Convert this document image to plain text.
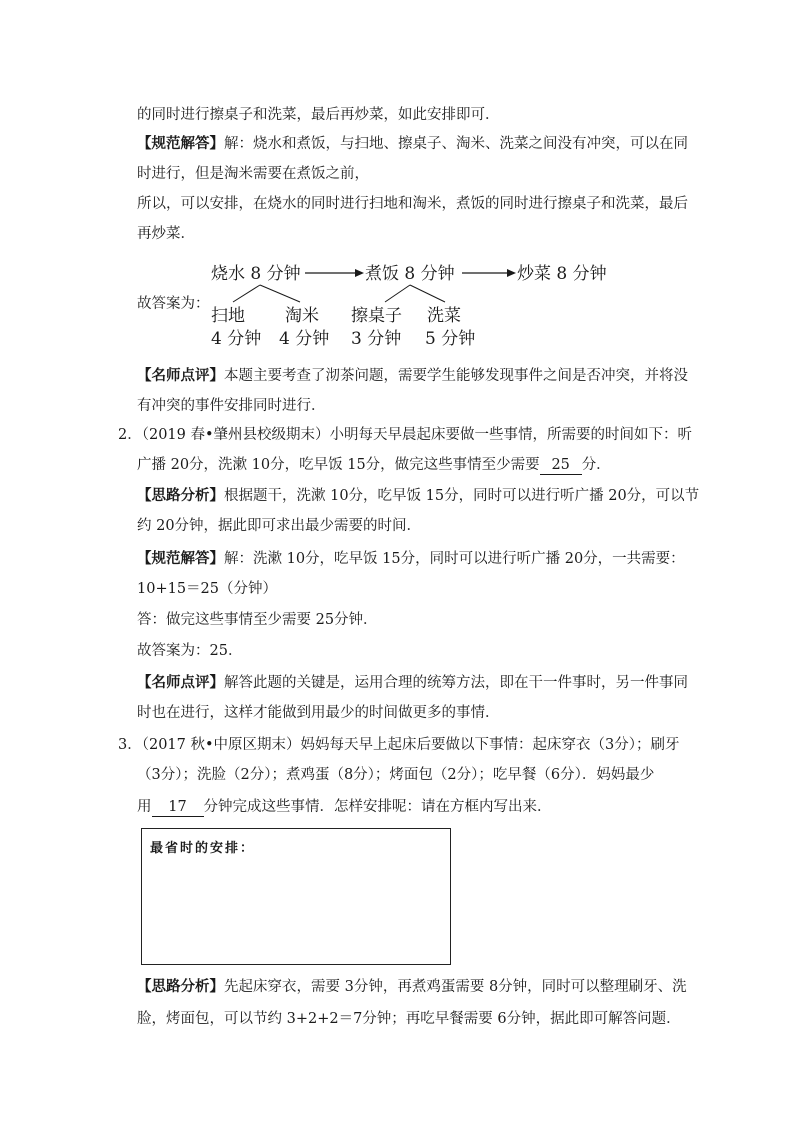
的同时进行擦桌子和洗菜，最后再炒菜，如此安排即可．
【规范解答】解：烧水和煮饭，与扫地、擦桌子、淘米、洗菜之间没有冲突，可以在同
时进行，但是淘米需要在煮饭之前，
所以，可以安排，在烧水的同时进行扫地和淘米，煮饭的同时进行擦桌子和洗菜，最后
再炒菜．
故答案为：
烧水 8 分钟	煮饭 8 分钟	炒菜 8 分钟
扫地
4 分钟
淘米
4 分钟
擦桌子
3 分钟
洗菜
5 分钟
【名师点评】本题主要考查了沏茶问题，需要学生能够发现事件之间是否冲突，并将没
有冲突的事件安排同时进行．
2．（2019 春•肇州县校级期末）小明每天早晨起床要做一些事情，所需要的时间如下：听
广播 20分，洗漱 10分，吃早饭 15分，做完这些事情至少需要 25 分．
【思路分析】根据题干，洗漱 10分，吃早饭 15分，同时可以进行听广播 20分，可以节
约 20分钟，据此即可求出最少需要的时间．
【规范解答】解：洗漱 10分，吃早饭 15分，同时可以进行听广播 20分，一共需要：
10+15＝25（分钟）
答：做完这些事情至少需要 25分钟．
故答案为：25．
【名师点评】解答此题的关键是，运用合理的统筹方法，即在干一件事时，另一件事同
时也在进行，这样才能做到用最少的时间做更多的事情．
3．（2017 秋•中原区期末）妈妈每天早上起床后要做以下事情：起床穿衣（3分）；刷牙
（3分）；洗脸（2分）；煮鸡蛋（8分）；烤面包（2分）；吃早餐（6分）．妈妈最少
用 17 分钟完成这些事情．怎样安排呢：请在方框内写出来．
最省时的安排：
【思路分析】先起床穿衣，需要 3分钟，再煮鸡蛋需要 8分钟，同时可以整理刷牙、洗
脸，烤面包，可以节约 3+2+2＝7分钟；再吃早餐需要 6分钟，据此即可解答问题．
